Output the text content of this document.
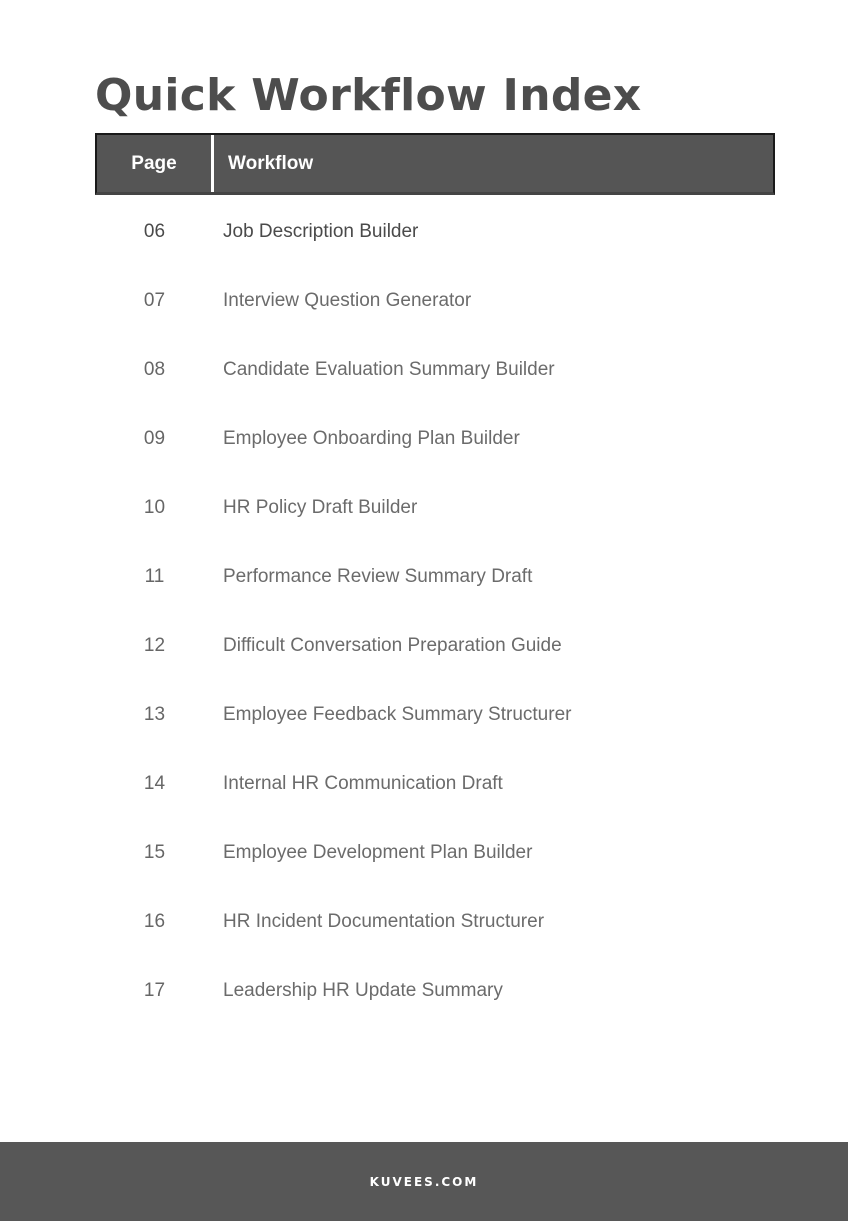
Quick Workflow Index
Page	Workflow
06	Job Description Builder
07	Interview Question Generator
08	Candidate Evaluation Summary Builder
09	Employee Onboarding Plan Builder
10	HR Policy Draft Builder
11	Performance Review Summary Draft
12	Difficult Conversation Preparation Guide
13	Employee Feedback Summary Structurer
14	Internal HR Communication Draft
15	Employee Development Plan Builder
16	HR Incident Documentation Structurer
17	Leadership HR Update Summary
KUVEES.COM
